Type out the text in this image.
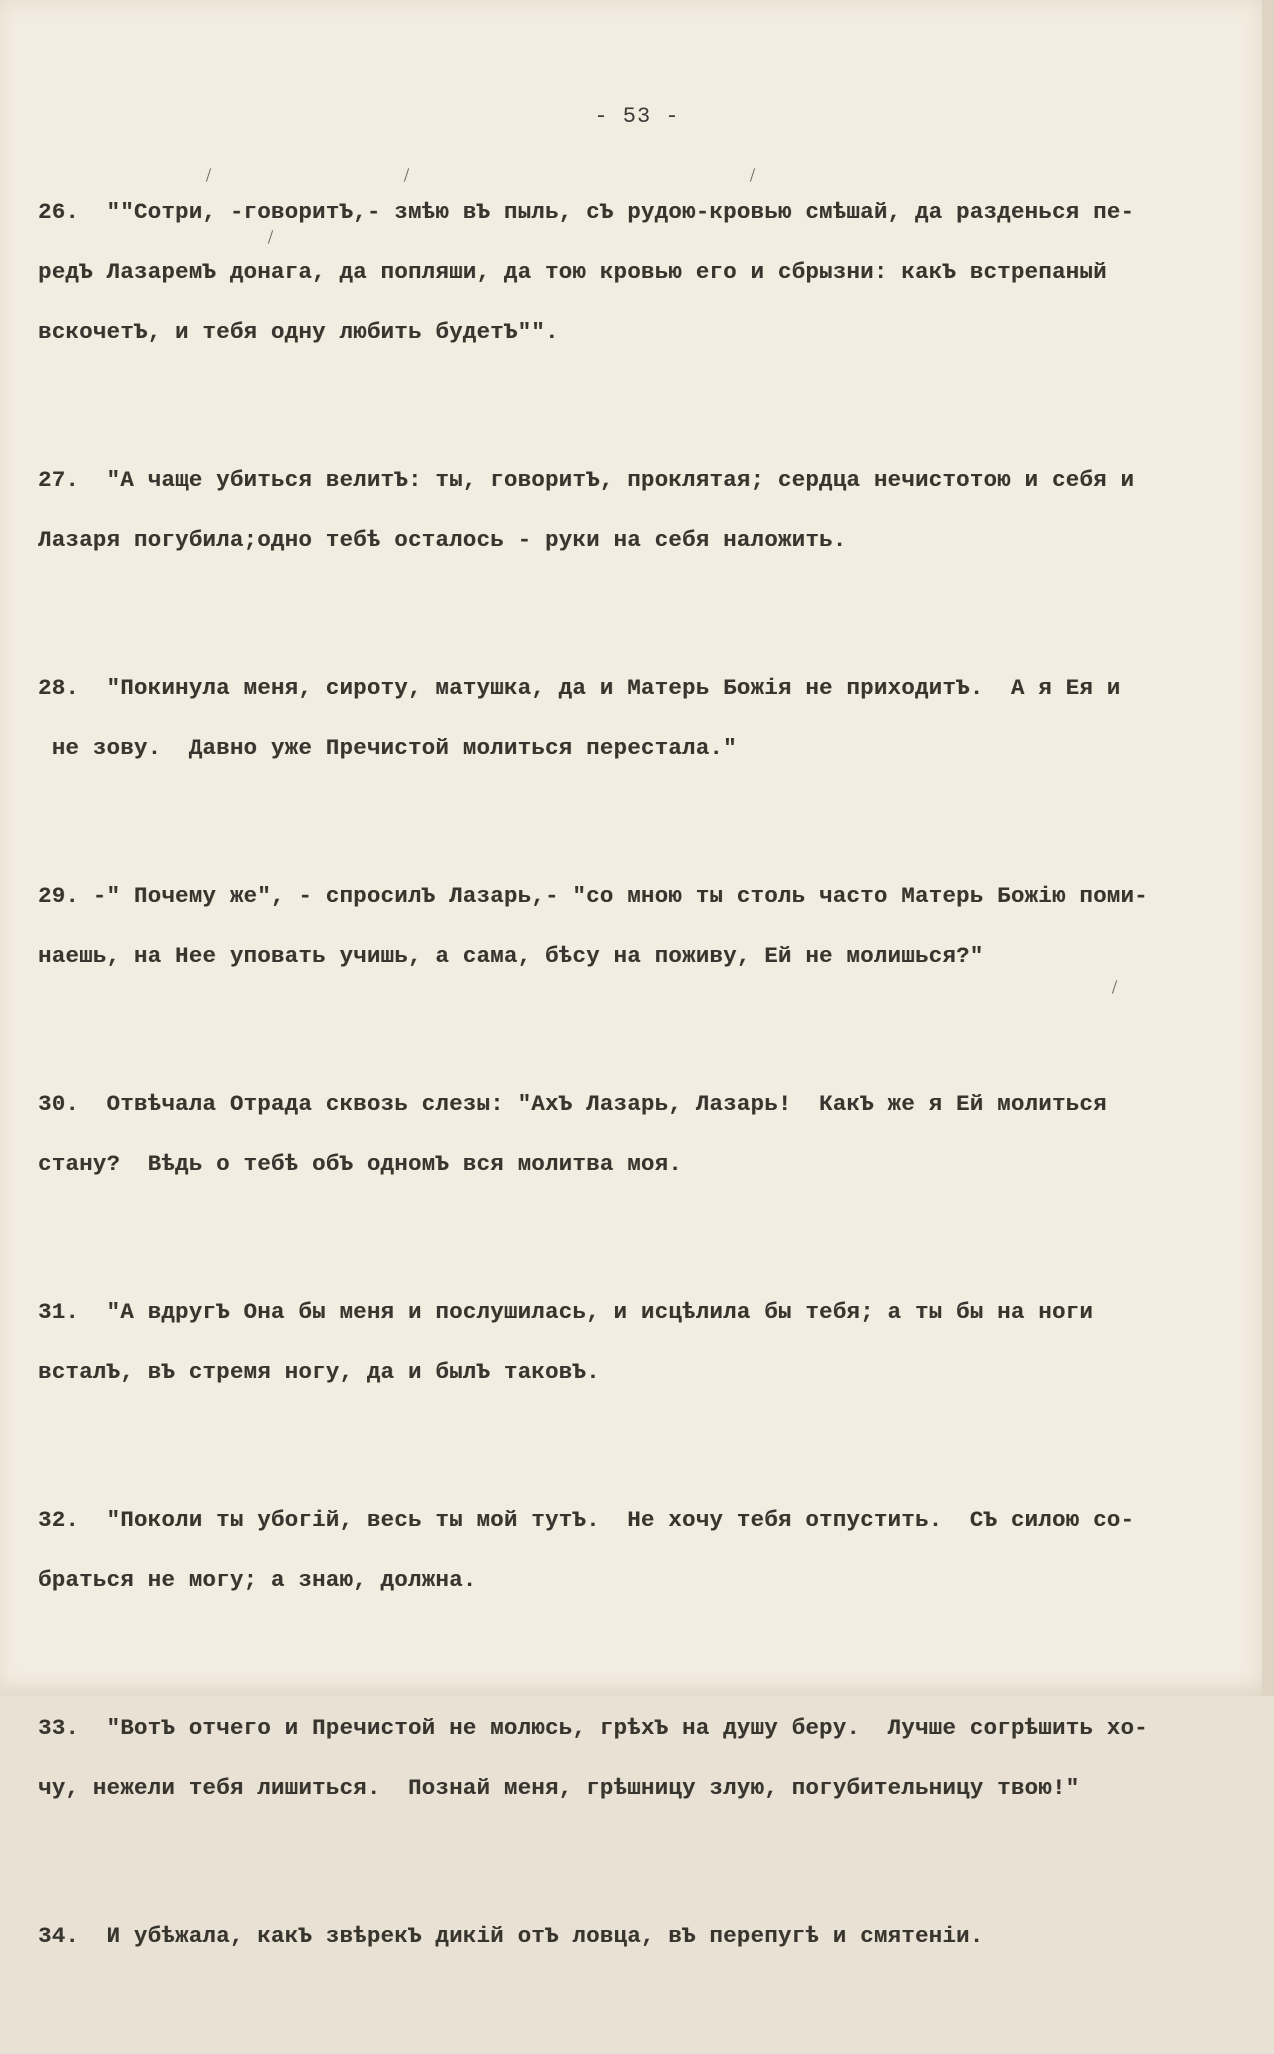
- 53 -
26.  ""Сотри, -говоритЪ,- змѣю вЪ пыль, сЪ рудою-кровью смѣшай, да разденься пе-
редЪ ЛазаремЪ донага, да попляши, да тою кровью его и сбрызни: какЪ встрепаный
вскочетЪ, и тебя одну любить будетЪ"".
27.  "А чаще убиться велитЪ: ты, говоритЪ, проклятая; сердца нечистотою и себя и
Лазаря погубила;одно тебѣ осталось - руки на себя наложить.
28.  "Покинула меня, сироту, матушка, да и Матерь Божія не приходитЪ.  А я Ея и
не зову.  Давно уже Пречистой молиться перестала."
29. -" Почему же", - спросилЪ Лазарь,- "со мною ты столь часто Матерь Божію поми-
наешь, на Нее уповать учишь, а сама, бѣсу на поживу, Ей не молишься?"
30.  Отвѣчала Отрада сквозь слезы: "АхЪ Лазарь, Лазарь!  КакЪ же я Ей молиться
стану?  Вѣдь о тебѣ обЪ одномЪ вся молитва моя.
31.  "А вдругЪ Она бы меня и послушилась, и исцѣлила бы тебя; а ты бы на ноги
всталЪ, вЪ стремя ногу, да и былЪ таковЪ.
32.  "Поколи ты убогій, весь ты мой тутЪ.  Не хочу тебя отпустить.  СЪ силою со-
браться не могу; а знаю, должна.
33.  "ВотЪ отчего и Пречистой не молюсь, грѣхЪ на душу беру.  Лучше согрѣшить хо-
чу, нежели тебя лишиться.  Познай меня, грѣшницу злую, погубительницу твою!"
34.  И убѣжала, какЪ звѣрекЪ дикій отЪ ловца, вЪ перепугѣ и смятеніи.
